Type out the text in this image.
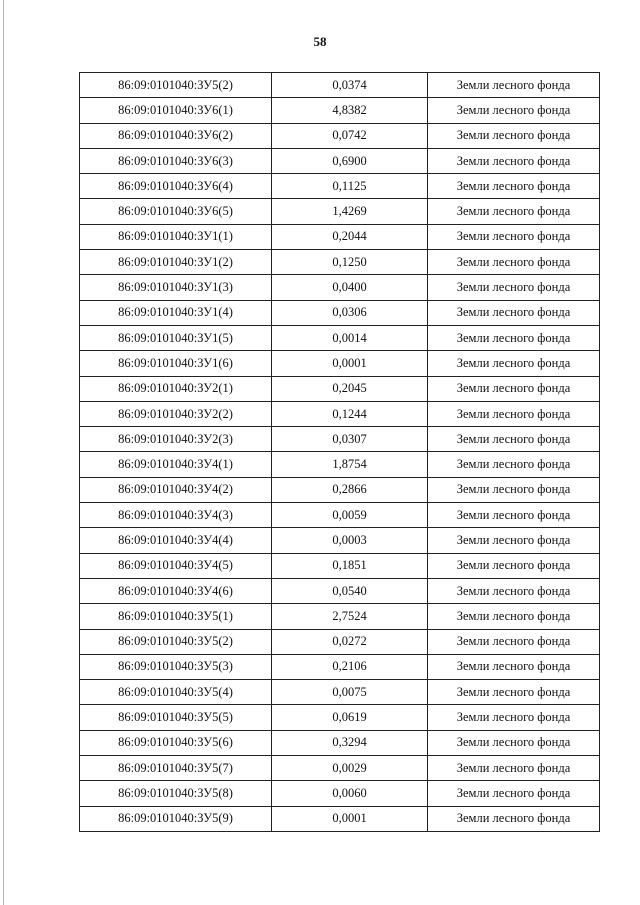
58
86:09:0101040:ЗУ5(2)	0,0374	Земли лесного фонда
86:09:0101040:ЗУ6(1)	4,8382	Земли лесного фонда
86:09:0101040:ЗУ6(2)	0,0742	Земли лесного фонда
86:09:0101040:ЗУ6(3)	0,6900	Земли лесного фонда
86:09:0101040:ЗУ6(4)	0,1125	Земли лесного фонда
86:09:0101040:ЗУ6(5)	1,4269	Земли лесного фонда
86:09:0101040:ЗУ1(1)	0,2044	Земли лесного фонда
86:09:0101040:ЗУ1(2)	0,1250	Земли лесного фонда
86:09:0101040:ЗУ1(3)	0,0400	Земли лесного фонда
86:09:0101040:ЗУ1(4)	0,0306	Земли лесного фонда
86:09:0101040:ЗУ1(5)	0,0014	Земли лесного фонда
86:09:0101040:ЗУ1(6)	0,0001	Земли лесного фонда
86:09:0101040:ЗУ2(1)	0,2045	Земли лесного фонда
86:09:0101040:ЗУ2(2)	0,1244	Земли лесного фонда
86:09:0101040:ЗУ2(3)	0,0307	Земли лесного фонда
86:09:0101040:ЗУ4(1)	1,8754	Земли лесного фонда
86:09:0101040:ЗУ4(2)	0,2866	Земли лесного фонда
86:09:0101040:ЗУ4(3)	0,0059	Земли лесного фонда
86:09:0101040:ЗУ4(4)	0,0003	Земли лесного фонда
86:09:0101040:ЗУ4(5)	0,1851	Земли лесного фонда
86:09:0101040:ЗУ4(6)	0,0540	Земли лесного фонда
86:09:0101040:ЗУ5(1)	2,7524	Земли лесного фонда
86:09:0101040:ЗУ5(2)	0,0272	Земли лесного фонда
86:09:0101040:ЗУ5(3)	0,2106	Земли лесного фонда
86:09:0101040:ЗУ5(4)	0,0075	Земли лесного фонда
86:09:0101040:ЗУ5(5)	0,0619	Земли лесного фонда
86:09:0101040:ЗУ5(6)	0,3294	Земли лесного фонда
86:09:0101040:ЗУ5(7)	0,0029	Земли лесного фонда
86:09:0101040:ЗУ5(8)	0,0060	Земли лесного фонда
86:09:0101040:ЗУ5(9)	0,0001	Земли лесного фонда
